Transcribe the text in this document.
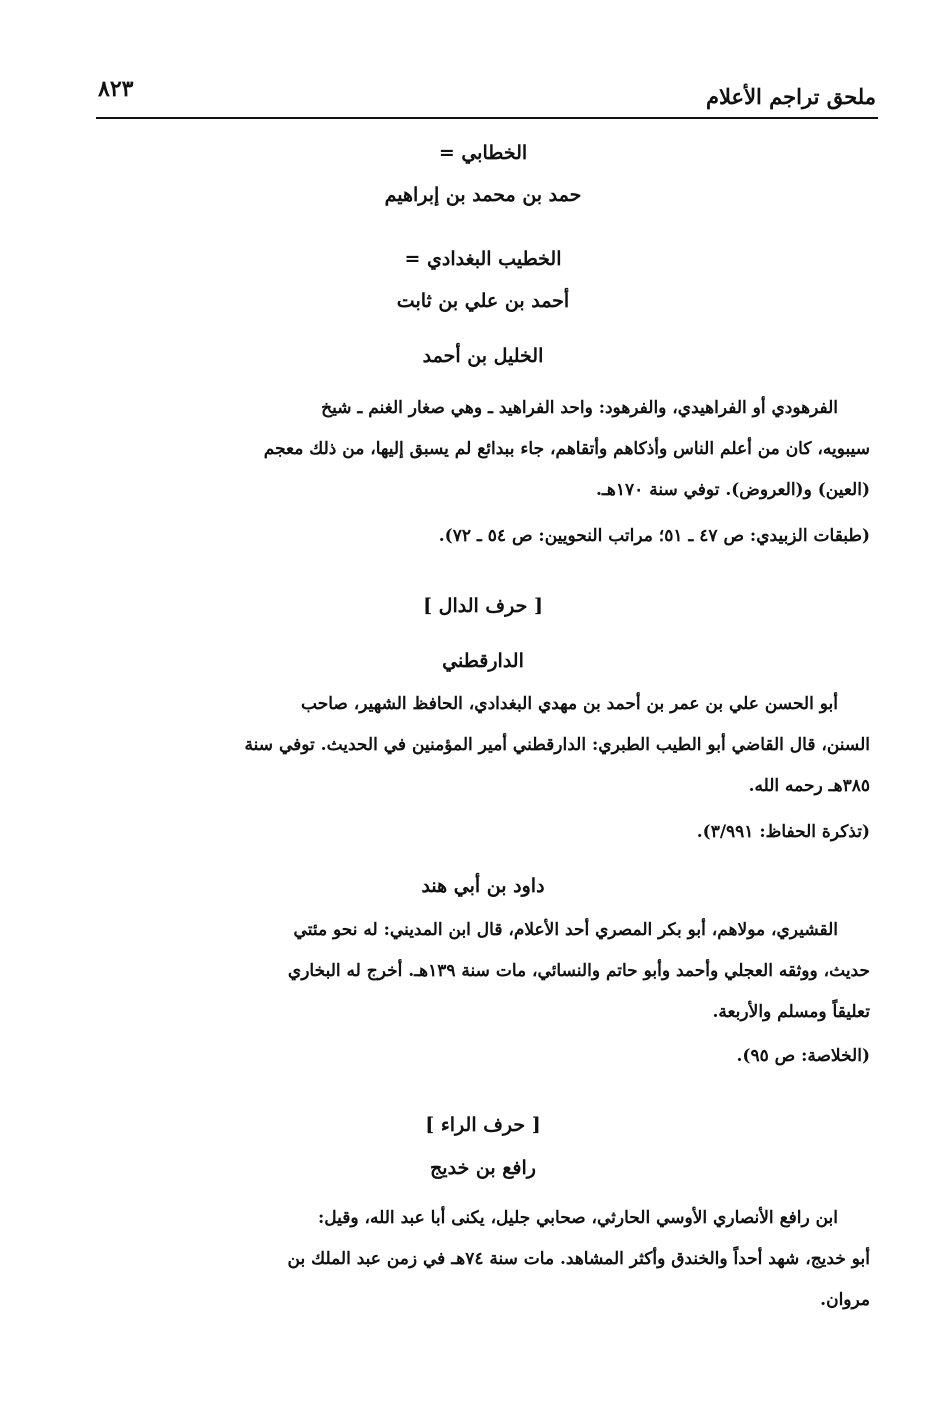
ملحق تراجم الأعلام
٨٢٣
الخطابي =
حمد بن محمد بن إبراهيم
الخطيب البغدادي =
أحمد بن علي بن ثابت
الخليل بن أحمد

الفرهودي أو الفراهيدي، والفرهود: واحد الفراهيد ـ وهي صغار الغنم ـ شيخ

سيبويه، كان من أعلم الناس وأذكاهم وأتقاهم، جاء ببدائع لم يسبق إليها، من ذلك معجم

(العين) و(العروض). توفي سنة ١٧٠هـ.

(طبقات الزبيدي: ص ٤٧ ـ ٥١؛ مراتب النحويين: ص ٥٤ ـ ٧٢).
[ حرف الدال ]
الدارقطني

أبو الحسن علي بن عمر بن أحمد بن مهدي البغدادي، الحافظ الشهير، صاحب

السنن، قال القاضي أبو الطيب الطبري: الدارقطني أمير المؤمنين في الحديث. توفي سنة

٣٨٥هـ رحمه الله.

(تذكرة الحفاظ: ٣/٩٩١).
داود بن أبي هند

القشيري، مولاهم، أبو بكر المصري أحد الأعلام، قال ابن المديني: له نحو مئتي

حديث، ووثقه العجلي وأحمد وأبو حاتم والنسائي، مات سنة ١٣٩هـ. أخرج له البخاري

تعليقاً ومسلم والأربعة.

(الخلاصة: ص ٩٥).
[ حرف الراء ]
رافع بن خديج

ابن رافع الأنصاري الأوسي الحارثي، صحابي جليل، يكنى أبا عبد الله، وقيل:

أبو خديج، شهد أحداً والخندق وأكثر المشاهد. مات سنة ٧٤هـ في زمن عبد الملك بن

مروان.
